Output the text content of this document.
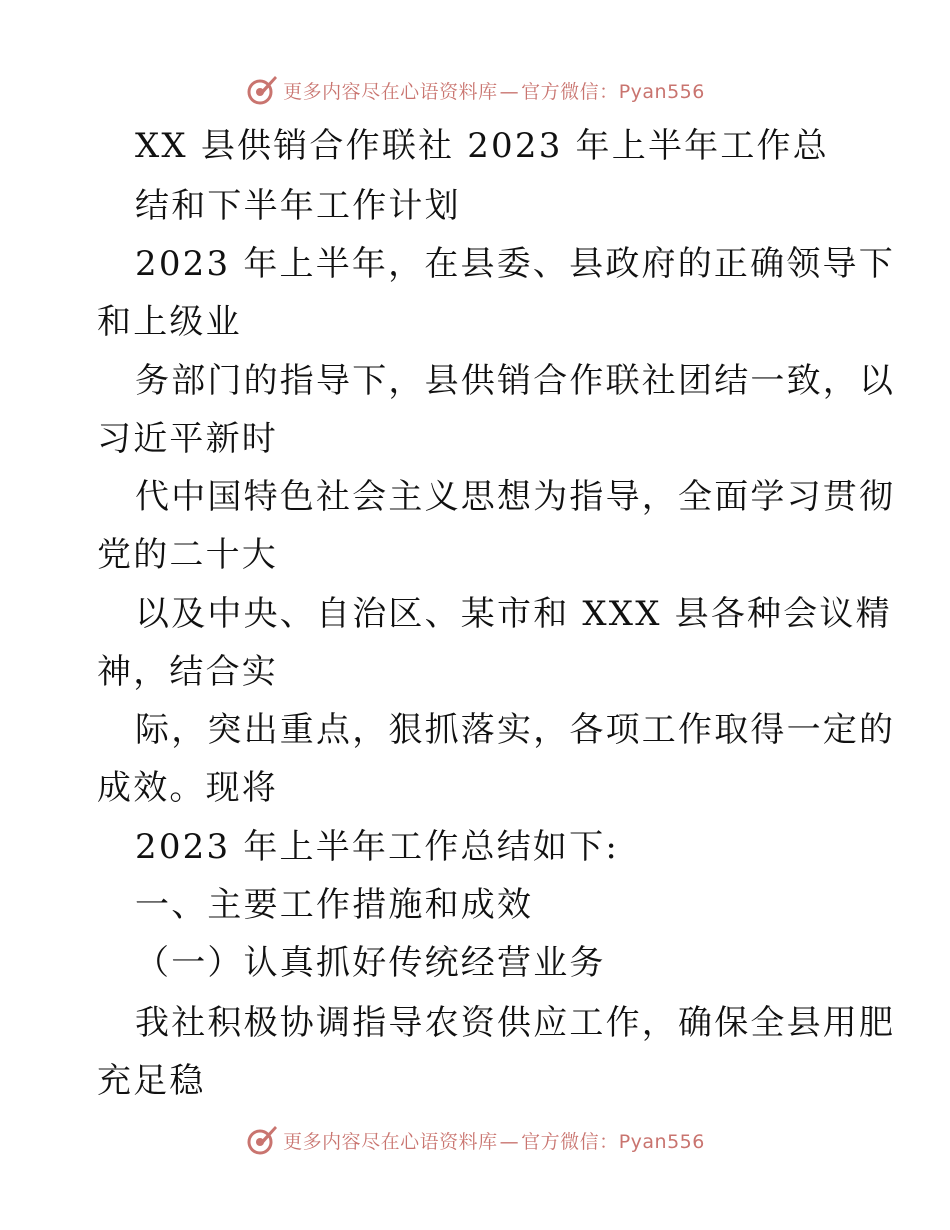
更多内容尽在心语资料库 — 官方微信：Pyan556
XX 县供销合作联社 2023 年上半年工作总
结和下半年工作计划
2023 年上半年，在县委、县政府的正确领导下
和上级业
务部门的指导下，县供销合作联社团结一致，以
习近平新时
代中国特色社会主义思想为指导，全面学习贯彻
党的二十大
以及中央、自治区、某市和 XXX 县各种会议精
神，结合实
际，突出重点，狠抓落实，各项工作取得一定的
成效。现将
2023 年上半年工作总结如下:
一、主要工作措施和成效
（一）认真抓好传统经营业务
我社积极协调指导农资供应工作，确保全县用肥
充足稳
更多内容尽在心语资料库 — 官方微信：Pyan556
